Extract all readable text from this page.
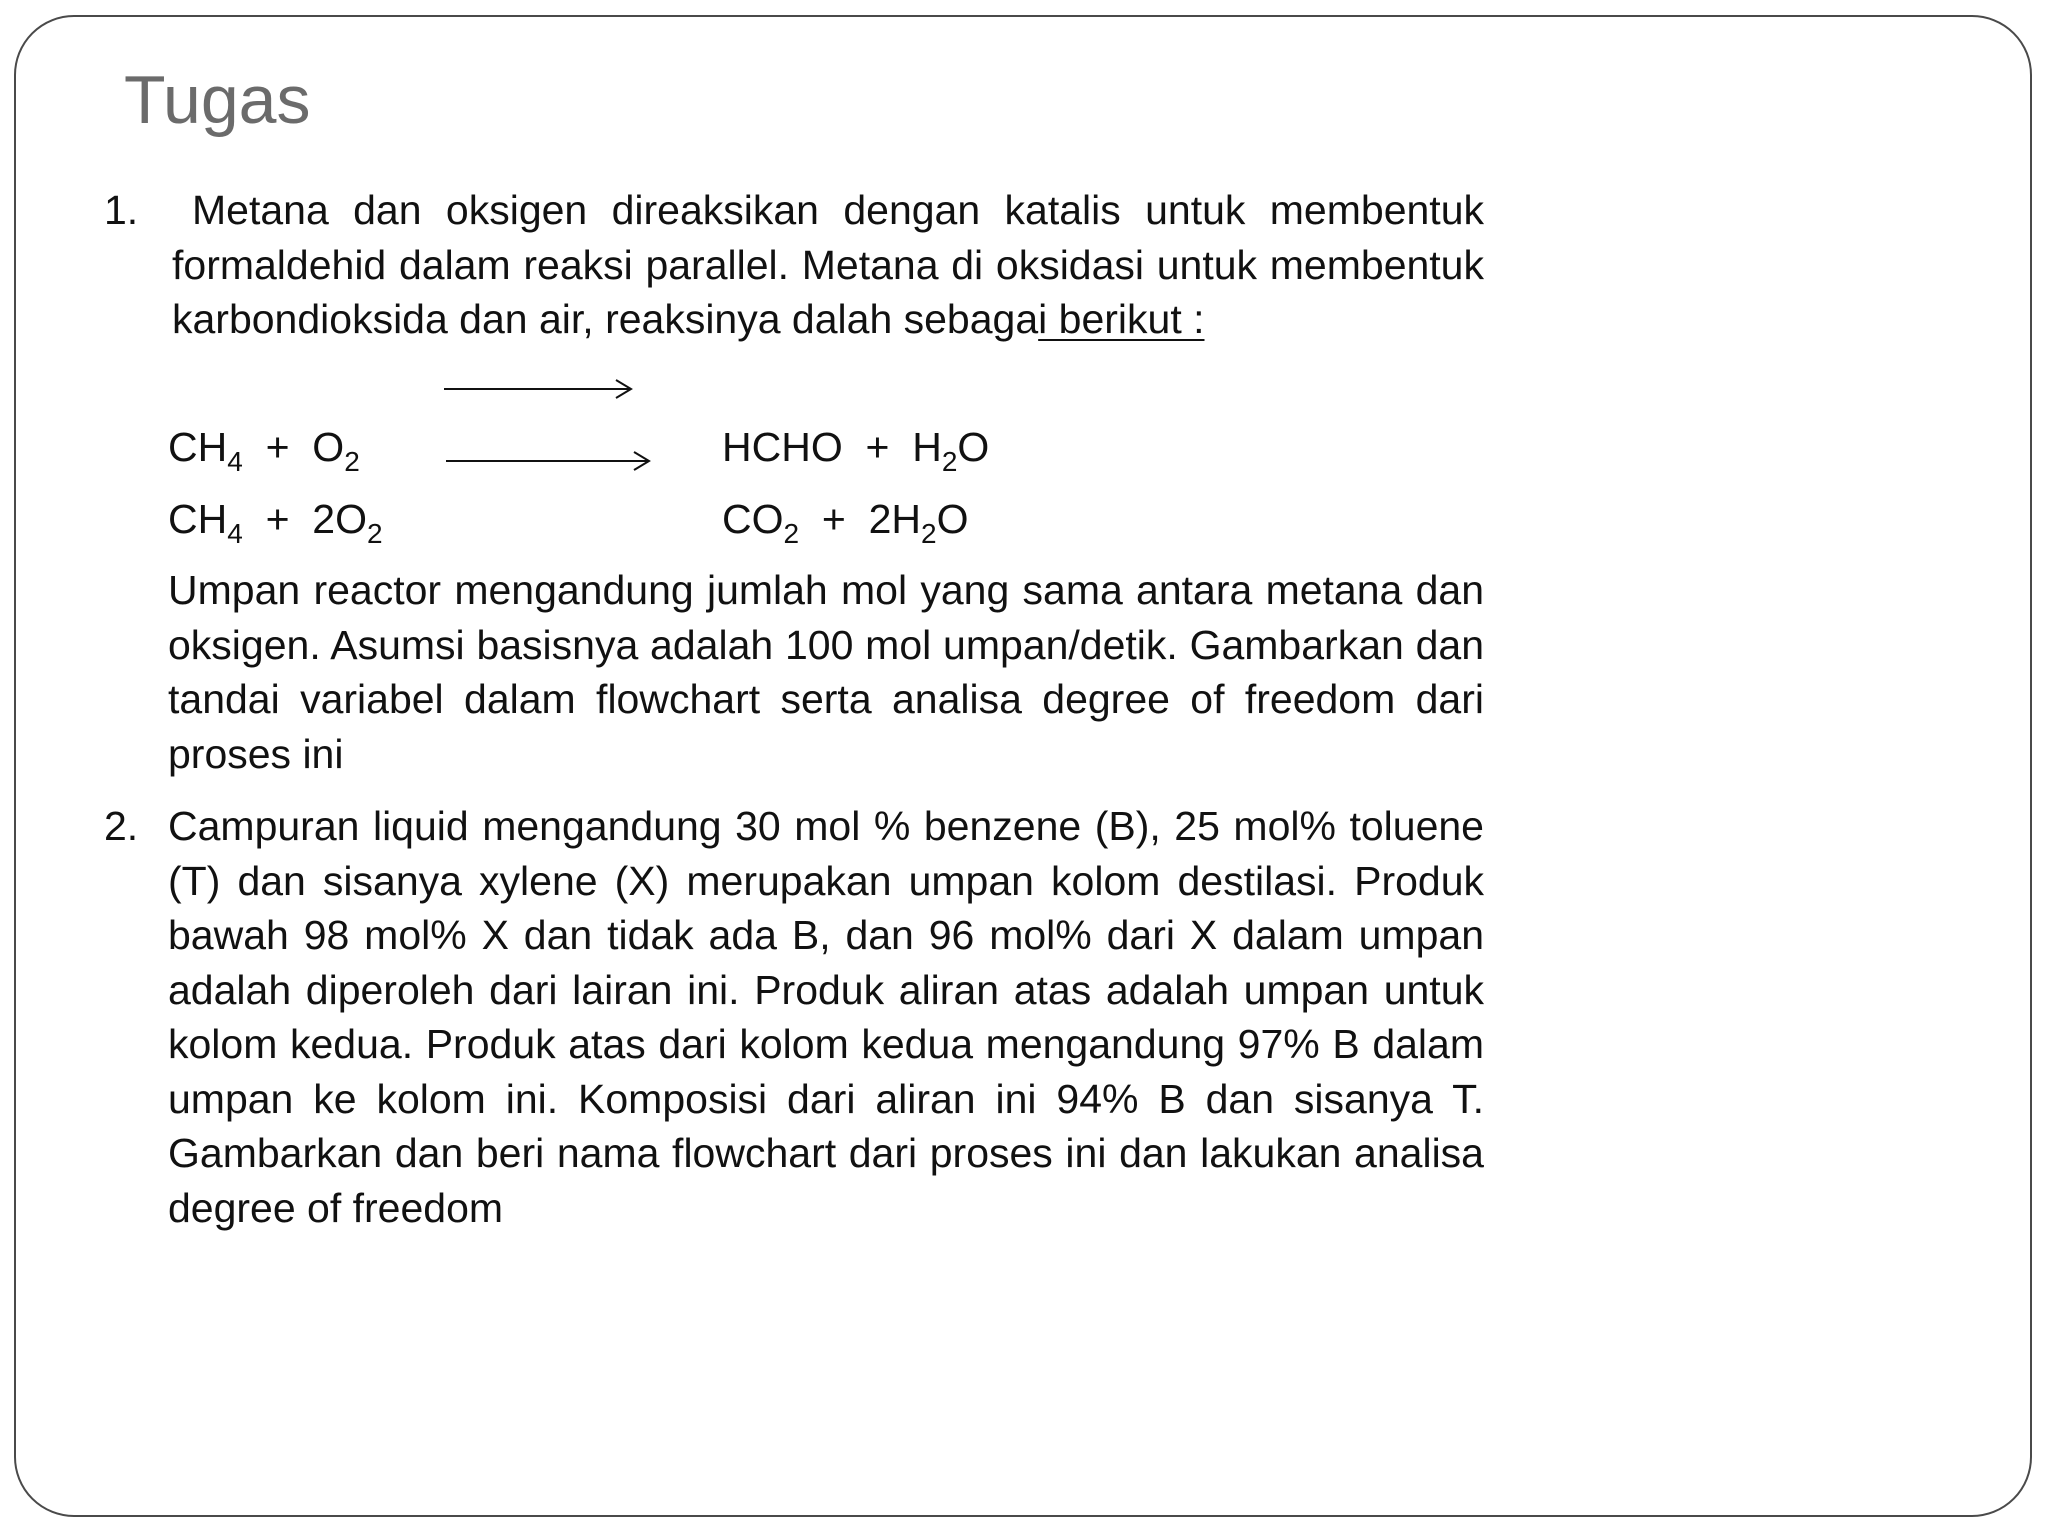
Tugas
1.	Metana dan oksigen direaksikan dengan katalis untuk membentuk formaldehid dalam reaksi parallel. Metana di oksidasi untuk membentuk karbondioksida dan air, reaksinya dalah sebagai berikut :
$CH_4 + O_2$	HCHO  +  $H_2O$
$CH_4 + 2O_2$	$CO_2 + 2H_2O$
Umpan reactor mengandung jumlah mol yang sama antara metana dan oksigen. Asumsi basisnya adalah 100 mol umpan/detik. Gambarkan dan tandai variabel dalam flowchart serta analisa degree of freedom dari proses ini
2. Campuran liquid mengandung 30 mol % benzene (B), 25 mol% toluene (T) dan sisanya xylene (X) merupakan umpan kolom destilasi. Produk bawah 98 mol% X dan tidak ada B, dan 96 mol% dari X dalam umpan adalah diperoleh dari lairan ini. Produk aliran atas adalah umpan untuk kolom kedua. Produk atas dari kolom kedua mengandung 97% B dalam umpan ke kolom ini. Komposisi dari aliran ini 94% B dan sisanya T. Gambarkan dan beri nama flowchart dari proses ini dan lakukan analisa degree of freedom
